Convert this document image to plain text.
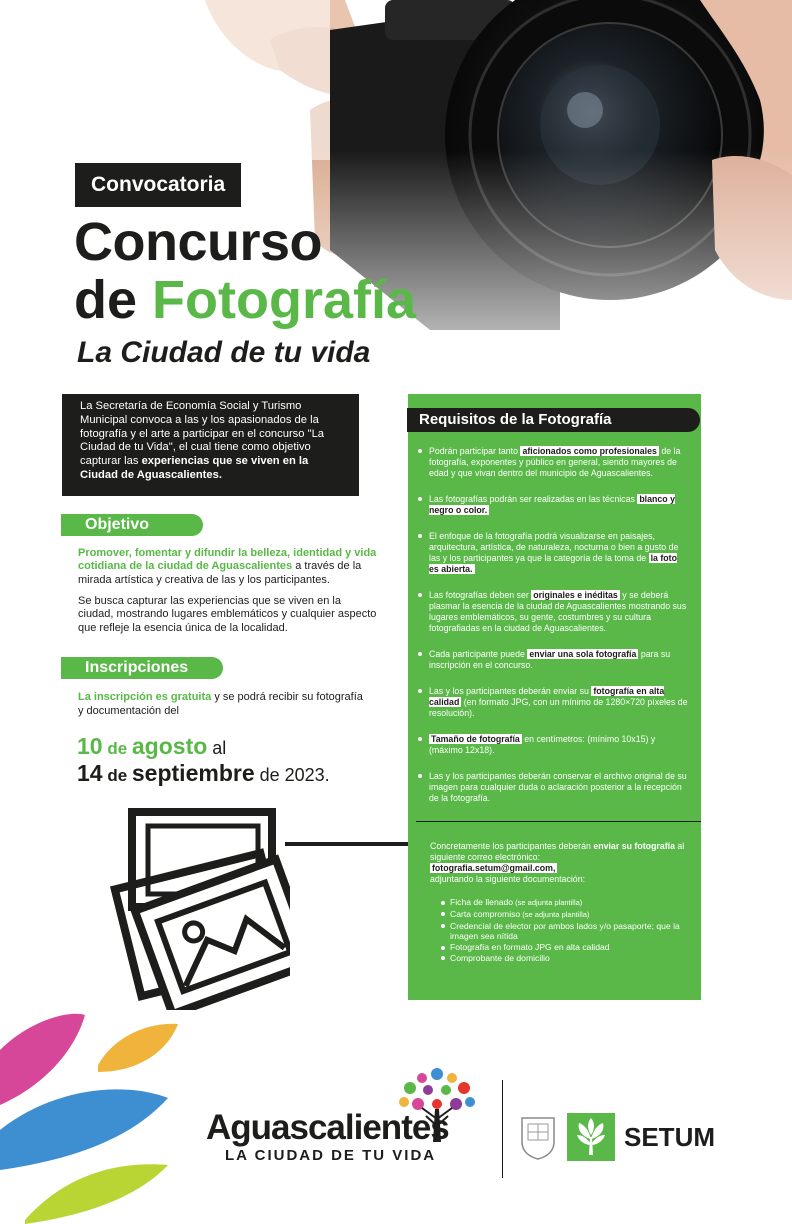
Convocatoria
Concurso
de Fotografía
La Ciudad de tu vida
La Secretaría de Economía Social y Turismo Municipal convoca a las y los apasionados de la fotografía y el arte a participar en el concurso "La Ciudad de tu Vida", el cual tiene como objetivo capturar las experiencias que se viven en la Ciudad de Aguascalientes.
Objetivo
Promover, fomentar y difundir la belleza, identidad y vida cotidiana de la ciudad de Aguascalientes a través de la mirada artística y creativa de las y los participantes.
Se busca capturar las experiencias que se viven en la ciudad, mostrando lugares emblemáticos y cualquier aspecto que refleje la esencia única de la localidad.
Inscripciones
La inscripción es gratuita y se podrá recibir su fotografía y documentación del
10 de agosto al
14 de septiembre de 2023.
Requisitos de la Fotografía
Podrán participar tanto aficionados como profesionales de la fotografía, exponentes y público en general, siendo mayores de edad y que vivan dentro del municipio de Aguascalientes.
Las fotografías podrán ser realizadas en las técnicas blanco y negro o color.
El enfoque de la fotografía podrá visualizarse en paisajes, arquitectura, artística, de naturaleza, nocturna o bien a gusto de las y los participantes ya que la categoría de la toma de la foto es abierta.
Las fotografías deben ser originales e inéditas y se deberá plasmar la esencia de la ciudad de Aguascalientes mostrando sus lugares emblemáticos, su gente, costumbres y su cultura fotografiadas en la ciudad de Aguascalientes.
Cada participante puede enviar una sola fotografía para su inscripción en el concurso.
Las y los participantes deberán enviar su fotografía en alta calidad (en formato JPG, con un mínimo de 1280×720 píxeles de resolución).
Tamaño de fotografía en centímetros: (mínimo 10x15) y (máximo 12x18).
Las y los participantes deberán conservar el archivo original de su imagen para cualquier duda o aclaración posterior a la recepción de la fotografía.
Concretamente los participantes deberán enviar su fotografía al siguiente correo electrónico:
fotografia.setum@gmail.com,
adjuntando la siguiente documentación:
Ficha de llenado (se adjunta plantilla)
Carta compromiso (se adjunta plantilla)
Credencial de elector por ambos lados y/o pasaporte; que la imagen sea nítida
Fotografía en formato JPG en alta calidad
Comprobante de domicilio
Aguascalientes
LA CIUDAD DE TU VIDA
SETUM
